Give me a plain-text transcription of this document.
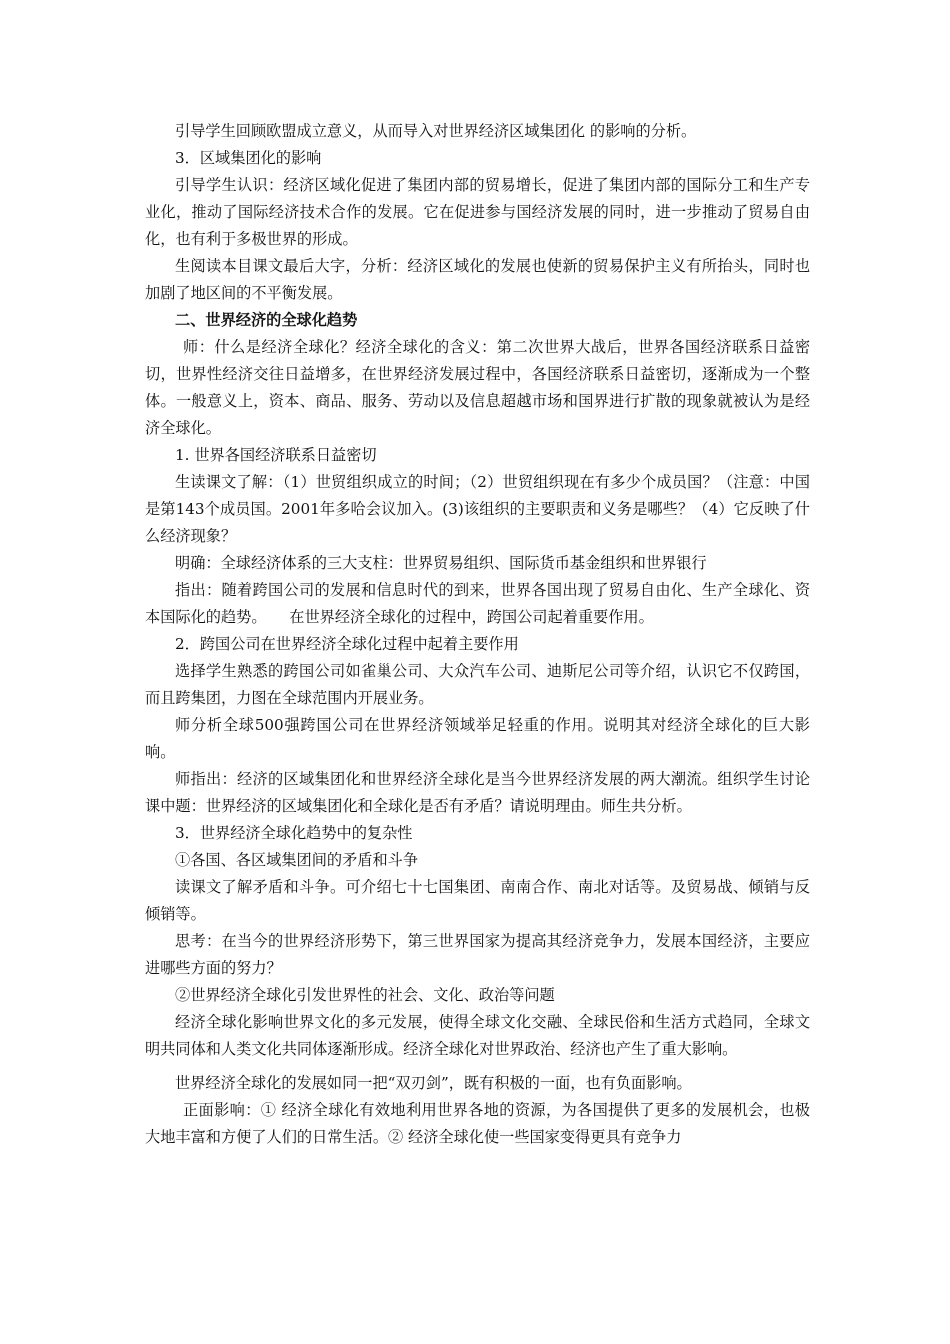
引导学生回顾欧盟成立意义，从而导入对世界经济区域集团化 的影响的分析。

3．区域集团化的影响

引导学生认识：经济区域化促进了集团内部的贸易增长，促进了集团内部的国际分工和生产专业化，推动了国际经济技术合作的发展。它在促进参与国经济发展的同时，进一步推动了贸易自由化，也有利于多极世界的形成。

生阅读本目课文最后大字，分析：经济区域化的发展也使新的贸易保护主义有所抬头，同时也加剧了地区间的不平衡发展。

二、世界经济的全球化趋势

师：什么是经济全球化？经济全球化的含义：第二次世界大战后，世界各国经济联系日益密切，世界性经济交往日益增多，在世界经济发展过程中，各国经济联系日益密切，逐渐成为一个整体。一般意义上，资本、商品、服务、劳动以及信息超越市场和国界进行扩散的现象就被认为是经济全球化。

1. 世界各国经济联系日益密切

生读课文了解：（1）世贸组织成立的时间；（2）世贸组织现在有多少个成员国？（注意：中国是第143个成员国。2001年多哈会议加入。(3)该组织的主要职责和义务是哪些？（4）它反映了什么经济现象？

明确：全球经济体系的三大支柱：世界贸易组织、国际货币基金组织和世界银行

指出：随着跨国公司的发展和信息时代的到来，世界各国出现了贸易自由化、生产全球化、资本国际化的趋势。　　在世界经济全球化的过程中，跨国公司起着重要作用。

2．跨国公司在世界经济全球化过程中起着主要作用

选择学生熟悉的跨国公司如雀巢公司、大众汽车公司、迪斯尼公司等介绍，认识它不仅跨国，而且跨集团，力图在全球范围内开展业务。

师分析全球500强跨国公司在世界经济领域举足轻重的作用。说明其对经济全球化的巨大影响。

师指出：经济的区域集团化和世界经济全球化是当今世界经济发展的两大潮流。组织学生讨论课中题：世界经济的区域集团化和全球化是否有矛盾？请说明理由。师生共分析。

3．世界经济全球化趋势中的复杂性

①各国、各区域集团间的矛盾和斗争

读课文了解矛盾和斗争。可介绍七十七国集团、南南合作、南北对话等。及贸易战、倾销与反倾销等。

思考：在当今的世界经济形势下，第三世界国家为提高其经济竞争力，发展本国经济，主要应进哪些方面的努力？

②世界经济全球化引发世界性的社会、文化、政治等问题

经济全球化影响世界文化的多元发展，使得全球文化交融、全球民俗和生活方式趋同，全球文明共同体和人类文化共同体逐渐形成。经济全球化对世界政治、经济也产生了重大影响。

世界经济全球化的发展如同一把“双刃剑”，既有积极的一面，也有负面影响。

正面影响：① 经济全球化有效地利用世界各地的资源，为各国提供了更多的发展机会，也极大地丰富和方便了人们的日常生活。② 经济全球化使一些国家变得更具有竞争力
